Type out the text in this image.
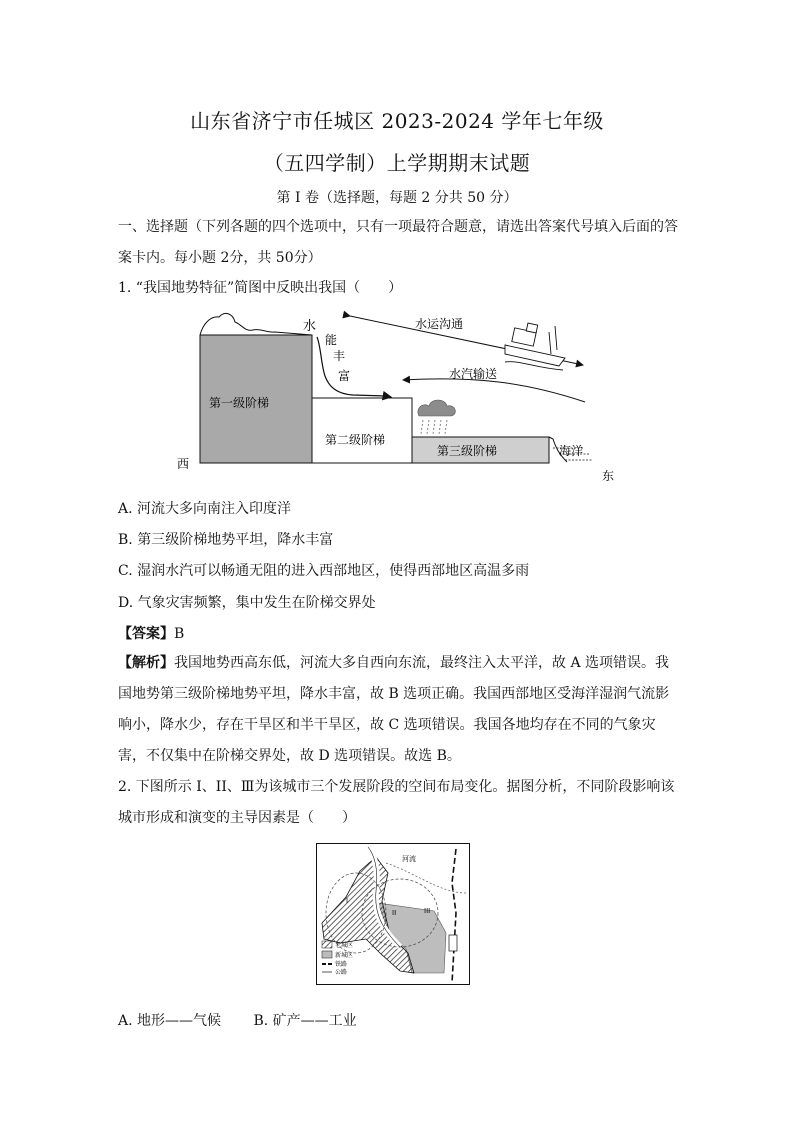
山东省济宁市任城区 2023-2024 学年七年级
（五四学制）上学期期末试题
第 I 卷（选择题，每题 2 分共 50 分）
一、选择题（下列各题的四个选项中，只有一项最符合题意，请选出答案代号填入后面的答案卡内。每小题 2分，共 50分）
1. “我国地势特征”简图中反映出我国（　　）
水
能
丰
富
水运沟通
水汽输送
第一级阶梯
第二级阶梯
第三级阶梯	海洋
西
东
A. 河流大多向南注入印度洋
B. 第三级阶梯地势平坦，降水丰富
C. 湿润水汽可以畅通无阻的进入西部地区，使得西部地区高温多雨
D. 气象灾害频繁，集中发生在阶梯交界处
【答案】B
【解析】我国地势西高东低，河流大多自西向东流，最终注入太平洋，故 A 选项错误。我国地势第三级阶梯地势平坦，降水丰富，故 B 选项正确。我国西部地区受海洋湿润气流影响小，降水少，存在干旱区和半干旱区，故 C 选项错误。我国各地均存在不同的气象灾害，不仅集中在阶梯交界处，故 D 选项错误。故选 B。
2. 下图所示 I、II、Ⅲ为该城市三个发展阶段的空间布局变化。据图分析，不同阶段影响该城市形成和演变的主导因素是（　　）
河流
I
II	III
老城区
新城区
铁路
公路
A. 地形——气候　　 B. 矿产——工业
